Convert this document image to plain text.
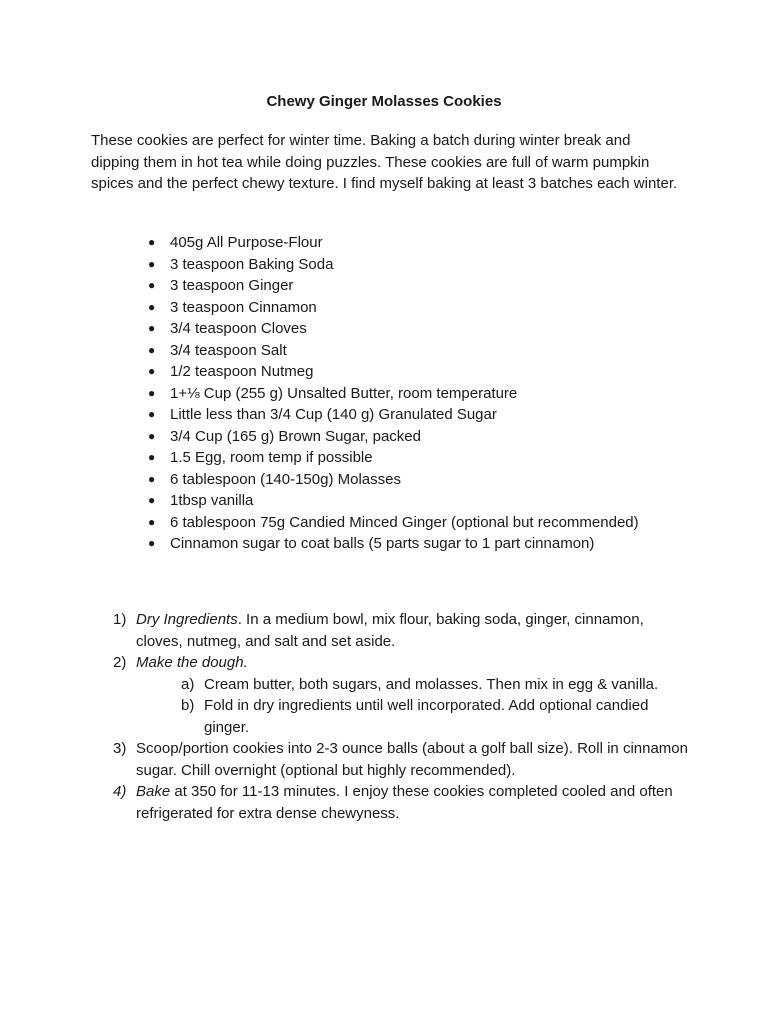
Chewy Ginger Molasses Cookies

These cookies are perfect for winter time. Baking a batch during winter break and dipping them in hot tea while doing puzzles. These cookies are full of warm pumpkin spices and the perfect chewy texture. I find myself baking at least 3 batches each winter.

● 405g All Purpose-Flour
● 3 teaspoon Baking Soda
● 3 teaspoon Ginger
● 3 teaspoon Cinnamon
● 3/4 teaspoon Cloves
● 3/4 teaspoon Salt
● 1/2 teaspoon Nutmeg
● 1+⅛ Cup (255 g) Unsalted Butter, room temperature
● Little less than 3/4 Cup (140 g) Granulated Sugar
● 3/4 Cup (165 g) Brown Sugar, packed
● 1.5 Egg, room temp if possible
● 6 tablespoon (140-150g) Molasses
● 1tbsp vanilla
● 6 tablespoon 75g Candied Minced Ginger (optional but recommended)
● Cinnamon sugar to coat balls (5 parts sugar to 1 part cinnamon)
1) Dry Ingredients. In a medium bowl, mix flour, baking soda, ginger, cinnamon, cloves, nutmeg, and salt and set aside.
2) Make the dough.
a) Cream butter, both sugars, and molasses. Then mix in egg & vanilla.
b) Fold in dry ingredients until well incorporated. Add optional candied ginger.
3) Scoop/portion cookies into 2-3 ounce balls (about a golf ball size). Roll in cinnamon sugar. Chill overnight (optional but highly recommended).
4) Bake at 350 for 11-13 minutes. I enjoy these cookies completed cooled and often refrigerated for extra dense chewyness.
